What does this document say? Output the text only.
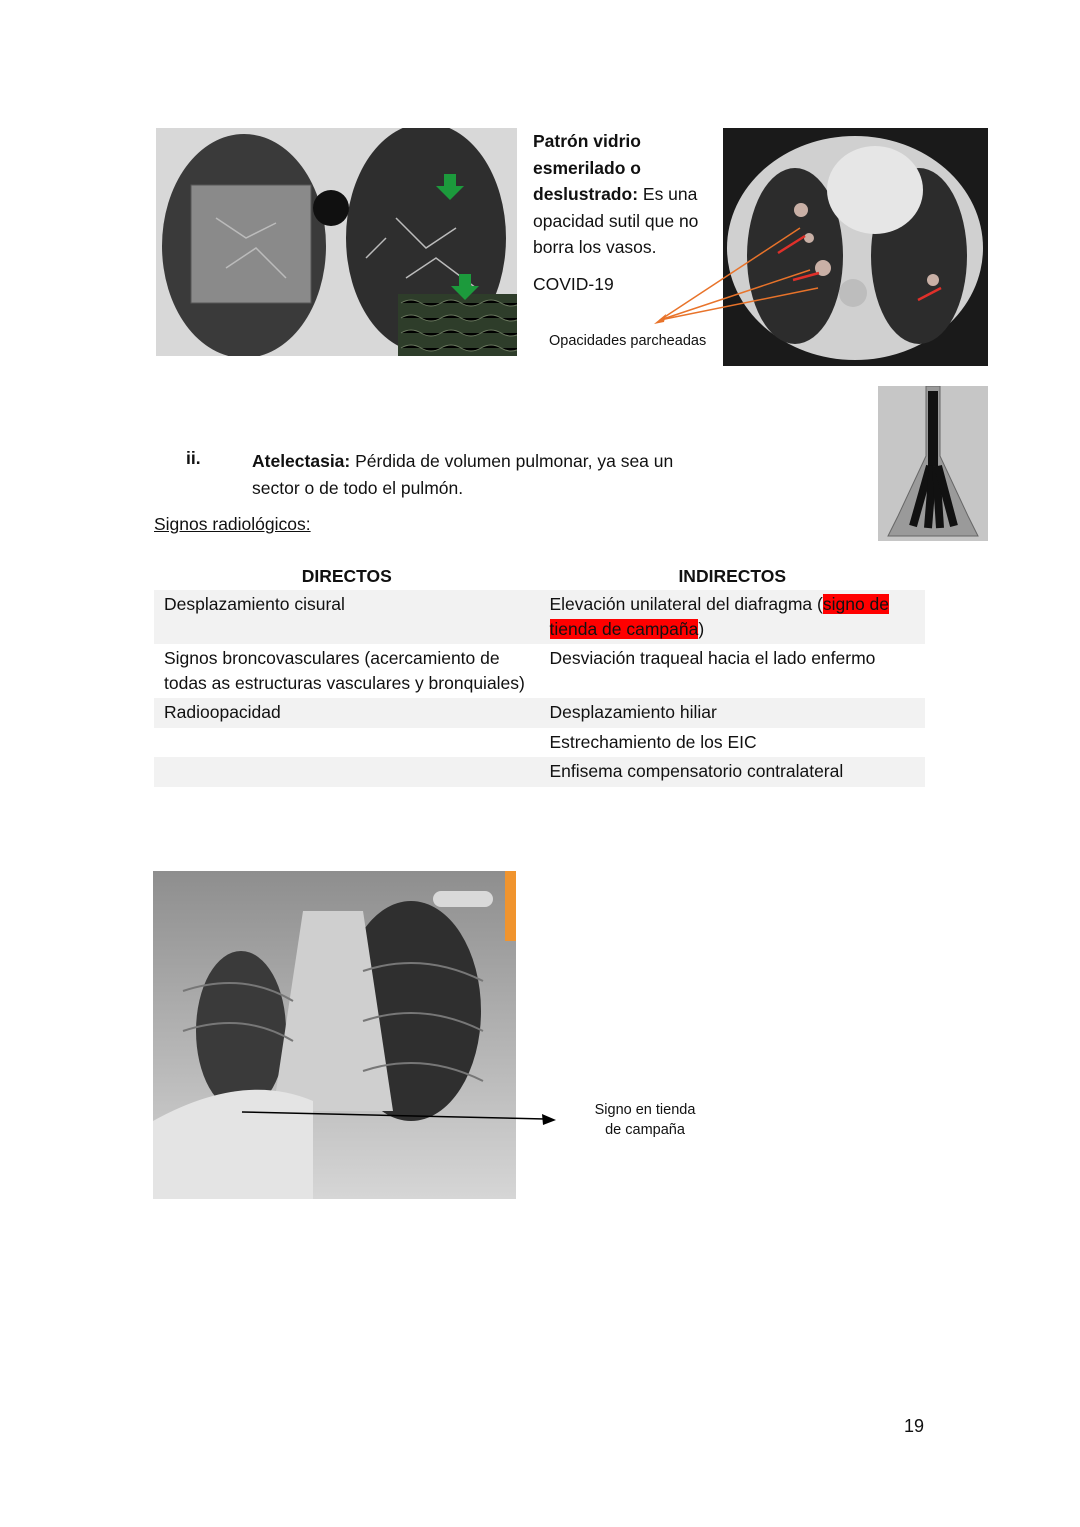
Patrón vidrio esmerilado o deslustrado: Es una opacidad sutil que no borra los vasos.
COVID-19
Opacidades parcheadas
ii.	Atelectasia: Pérdida de volumen pulmonar, ya sea un sector o de todo el pulmón.
Signos radiológicos:
DIRECTOS	INDIRECTOS
Desplazamiento cisural	Elevación unilateral del diafragma (signo de tienda de campaña)
Signos broncovasculares (acercamiento de todas as estructuras vasculares y bronquiales)	Desviación traqueal hacia el lado enfermo
Radioopacidad	Desplazamiento hiliar
	Estrechamiento de los EIC
	Enfisema compensatorio contralateral
Signo en tienda de campaña
19
